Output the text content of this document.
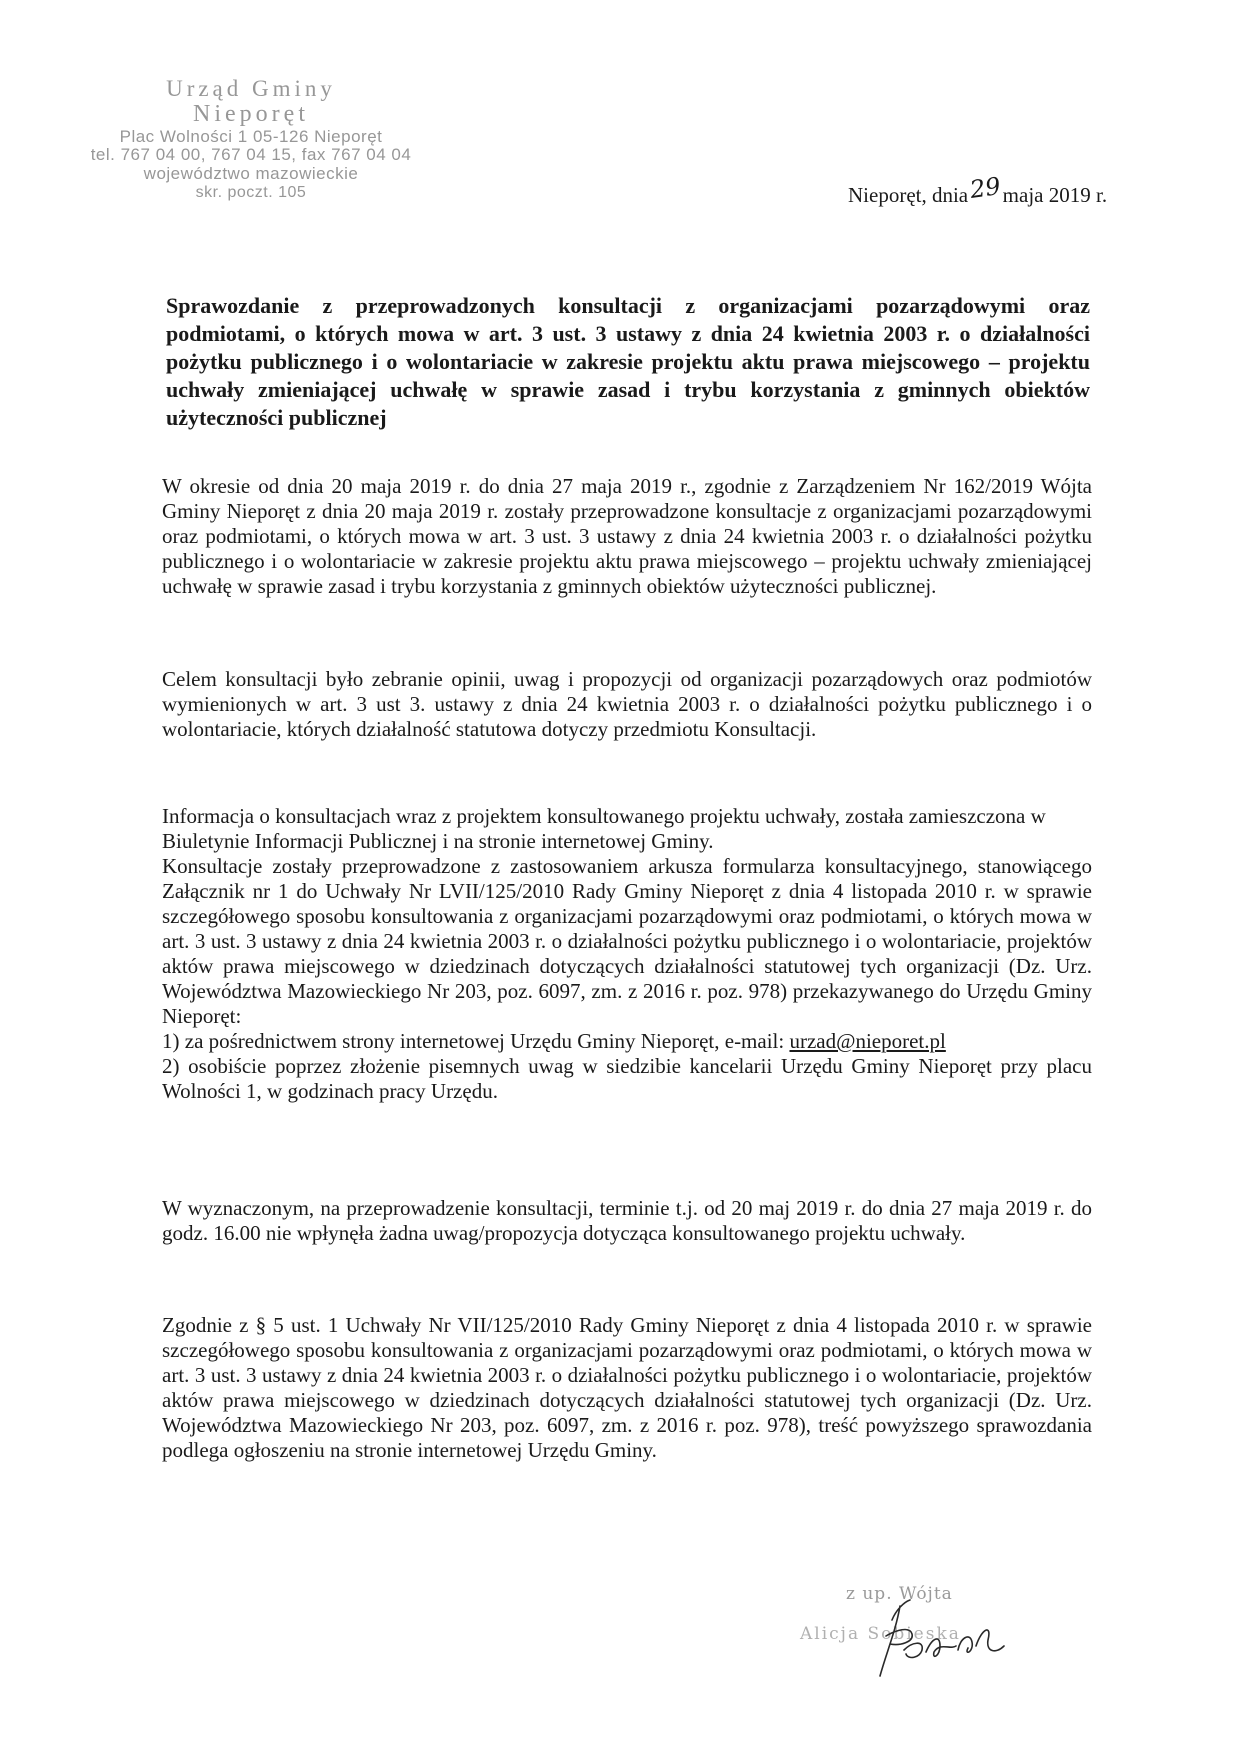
Urząd Gminy
Nieporęt
Plac Wolności 1 05-126 Nieporęt
tel. 767 04 00, 767 04 15, fax 767 04 04
województwo mazowieckie
skr. poczt. 105	Nieporęt, dnia29maja 2019 r.

Sprawozdanie z przeprowadzonych konsultacji z organizacjami pozarządowymi oraz podmiotami, o których mowa w art. 3 ust. 3 ustawy z dnia 24 kwietnia 2003 r. o działalności pożytku publicznego i o wolontariacie w zakresie projektu aktu prawa miejscowego – projektu uchwały zmieniającej uchwałę w sprawie zasad i trybu korzystania z gminnych obiektów użyteczności publicznej

W okresie od dnia 20 maja 2019 r. do dnia 27 maja 2019 r., zgodnie z Zarządzeniem Nr 162/2019 Wójta Gminy Nieporęt z dnia 20 maja 2019 r. zostały przeprowadzone konsultacje z organizacjami pozarządowymi oraz podmiotami, o których mowa w art. 3 ust. 3 ustawy z dnia 24 kwietnia 2003 r. o działalności pożytku publicznego i o wolontariacie w zakresie projektu aktu prawa miejscowego – projektu uchwały zmieniającej uchwałę w sprawie zasad i trybu korzystania z gminnych obiektów użyteczności publicznej.

Celem konsultacji było zebranie opinii, uwag i propozycji od organizacji pozarządowych oraz podmiotów wymienionych w art. 3 ust 3. ustawy z dnia 24 kwietnia 2003 r. o działalności pożytku publicznego i o wolontariacie, których działalność statutowa dotyczy przedmiotu Konsultacji.

Informacja o konsultacjach wraz z projektem konsultowanego projektu uchwały, została zamieszczona w Biuletynie Informacji Publicznej i na stronie internetowej Gminy.
Konsultacje zostały przeprowadzone z zastosowaniem arkusza formularza konsultacyjnego, stanowiącego Załącznik nr 1 do Uchwały Nr LVII/125/2010 Rady Gminy Nieporęt z dnia 4 listopada 2010 r. w sprawie szczegółowego sposobu konsultowania z organizacjami pozarządowymi oraz podmiotami, o których mowa w art. 3 ust. 3 ustawy z dnia 24 kwietnia 2003 r. o działalności pożytku publicznego i o wolontariacie, projektów aktów prawa miejscowego w dziedzinach dotyczących działalności statutowej tych organizacji (Dz. Urz. Województwa Mazowieckiego Nr 203, poz. 6097, zm. z 2016 r. poz. 978) przekazywanego do Urzędu Gminy Nieporęt:
1) za pośrednictwem strony internetowej Urzędu Gminy Nieporęt, e-mail: urzad@nieporet.pl
2) osobiście poprzez złożenie pisemnych uwag w siedzibie kancelarii Urzędu Gminy Nieporęt przy placu Wolności 1, w godzinach pracy Urzędu.

W wyznaczonym, na przeprowadzenie konsultacji, terminie t.j. od 20 maj 2019 r. do dnia 27 maja 2019 r. do godz. 16.00 nie wpłynęła żadna uwag/propozycja dotycząca konsultowanego projektu uchwały.

Zgodnie z § 5 ust. 1 Uchwały Nr VII/125/2010 Rady Gminy Nieporęt z dnia 4 listopada 2010 r. w sprawie szczegółowego sposobu konsultowania z organizacjami pozarządowymi oraz podmiotami, o których mowa w art. 3 ust. 3 ustawy z dnia 24 kwietnia 2003 r. o działalności pożytku publicznego i o wolontariacie, projektów aktów prawa miejscowego w dziedzinach dotyczących działalności statutowej tych organizacji (Dz. Urz. Województwa Mazowieckiego Nr 203, poz. 6097, zm. z 2016 r. poz. 978), treść powyższego sprawozdania podlega ogłoszeniu na stronie internetowej Urzędu Gminy.

z up. Wójta
Alicja Sobieska
